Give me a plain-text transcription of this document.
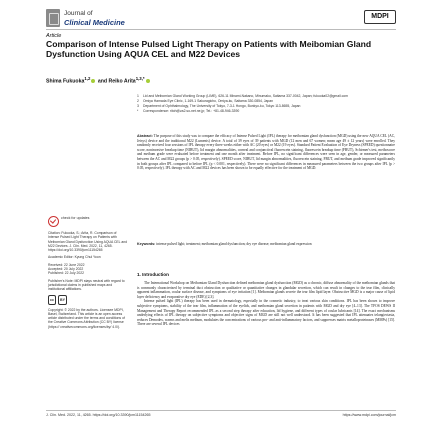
Journal of
Clinical Medicine
MDPI
Article
Comparison of Intense Pulsed Light Therapy on Patients with Meibomian Gland Dysfunction Using AQUA CEL and M22 Devices
Shima Fukuoka$^{1,2}$ and Reiko Arita$^{1,3,*}$
1	Lid and Meibomian Gland Working Group (LIME), 626-11 Minami-Nakano, Minumaku, Saitama 337-0042, Japan; fukuoka02@gmail.com
2	Omiya Hamada Eye Clinic, 1-169-1 Sakuragicho, Omiya-ku, Saitama 330-0854, Japan
3	Department of Ophthalmology, The University of Tokyo, 7-3-1 Hongo, Bunkyo-ku, Tokyo 113-8655, Japan
*	Correspondence: ritoh@za2.so-net.ne.jp; Tel.: +81-48-946-3390
Abstract: The purpose of this study was to compare the efficacy of Intense Pulsed Light (IPL) therapy for meibomian gland dysfunction (MGD) using the new AQUA CEL (AC, Jeisys) device and the traditional M22 (Lumenis) device. A total of 39 eyes of 39 patients with MGD (12 men and 67 women; mean age 49 ± 12 years) were enrolled. They randomly received four sessions of IPL therapy every three weeks either with AC (20 eyes) or M22 (19 eyes). Standard Patient Evaluation of Eye Dryness (SPEED) questionnaire score, noninvasive breakup time (NIBUT), lid margin abnormalities, corneal and conjunctival fluorescein staining, fluorescein breakup time (FBUT), Schirmer's test, meiboscore and meibum grade were evaluated before treatment and one month after treatment. Before IPL, no significant differences were seen in age, gender, or measured parameters between the AC and M22 groups (p > 0.05, respectively). SPEED score, NIBUT, lid margin abnormalities, fluorescein staining, FBUT, and meibum grade improved significantly in both groups after IPL compared to before IPL (p < 0.001, respectively). There were no significant differences in measured parameters between the two groups after IPL (p > 0.05, respectively). IPL therapy with AC and M22 devices has been shown to be equally effective for the treatment of MGD.
Keywords: intense pulsed light; treatment; meibomian gland dysfunction; dry eye disease; meibomian gland expression
check for updates

Citation: Fukuoka, S.; Arita, R. Comparison of Intense Pulsed Light Therapy on Patients with Meibomian Gland Dysfunction Using AQUA CEL and M22 Devices. J. Clin. Med. 2022, 11, 4265. https://doi.org/10.3390/jcm11154265

Academic Editor: Kyung Chul Yoon

Received: 22 June 2022
Accepted: 20 July 2022
Published: 22 July 2022

Publisher's Note: MDPI stays neutral with regard to jurisdictional claims in published maps and institutional affiliations.

cc	BY

Copyright: © 2022 by the authors. Licensee MDPI, Basel, Switzerland. This article is an open access article distributed under the terms and conditions of the Creative Commons Attribution (CC BY) license (https:// creativecommons.org/licenses/by/ 4.0/).

1. Introduction

The International Workshop on Meibomian Gland Dysfunction defined meibomian gland dysfunction (MGD) as a chronic, diffuse abnormality of the meibomian glands that is commonly characterized by terminal duct obstruction or qualitative or quantitative changes in glandular secretion, which can result in changes to the tear film, clinically apparent inflammation, ocular surface disease, and symptoms of eye irritation [1]. Meibomian glands secrete the tear film lipid layer. Obstructive MGD is a major cause of lipid layer deficiency and evaporative dry eye (EDE) [2,3].

Intense pulsed light (IPL) therapy has been used in dermatology, especially in the cosmetic industry, to treat various skin conditions. IPL has been shown to improve subjective symptoms, stability of the tear film, inflammation of the eyelids, and meibomian gland secretion in patients with MGD and dry eye [4–13]. The TFOS DEWS II Management and Therapy Report recommended IPL as a second step therapy after education, lid hygiene, and different types of ocular lubricants [14]. The exact mechanisms underlying effects of IPL therapy on subjective symptoms and objective signs of MGD are still not well understood. It has been suggested that IPL attenuates telangiectasia, reduces Demodex, warms and melts meibum, modulates the concentrations of various pro- and anti-inflammatory factors, and suppresses matrix metalloproteinases (MMPs) [15]. There are several IPL devices

J. Clin. Med. 2022, 11, 4265. https://doi.org/10.3390/jcm11154265	https://www.mdpi.com/journal/jcm
